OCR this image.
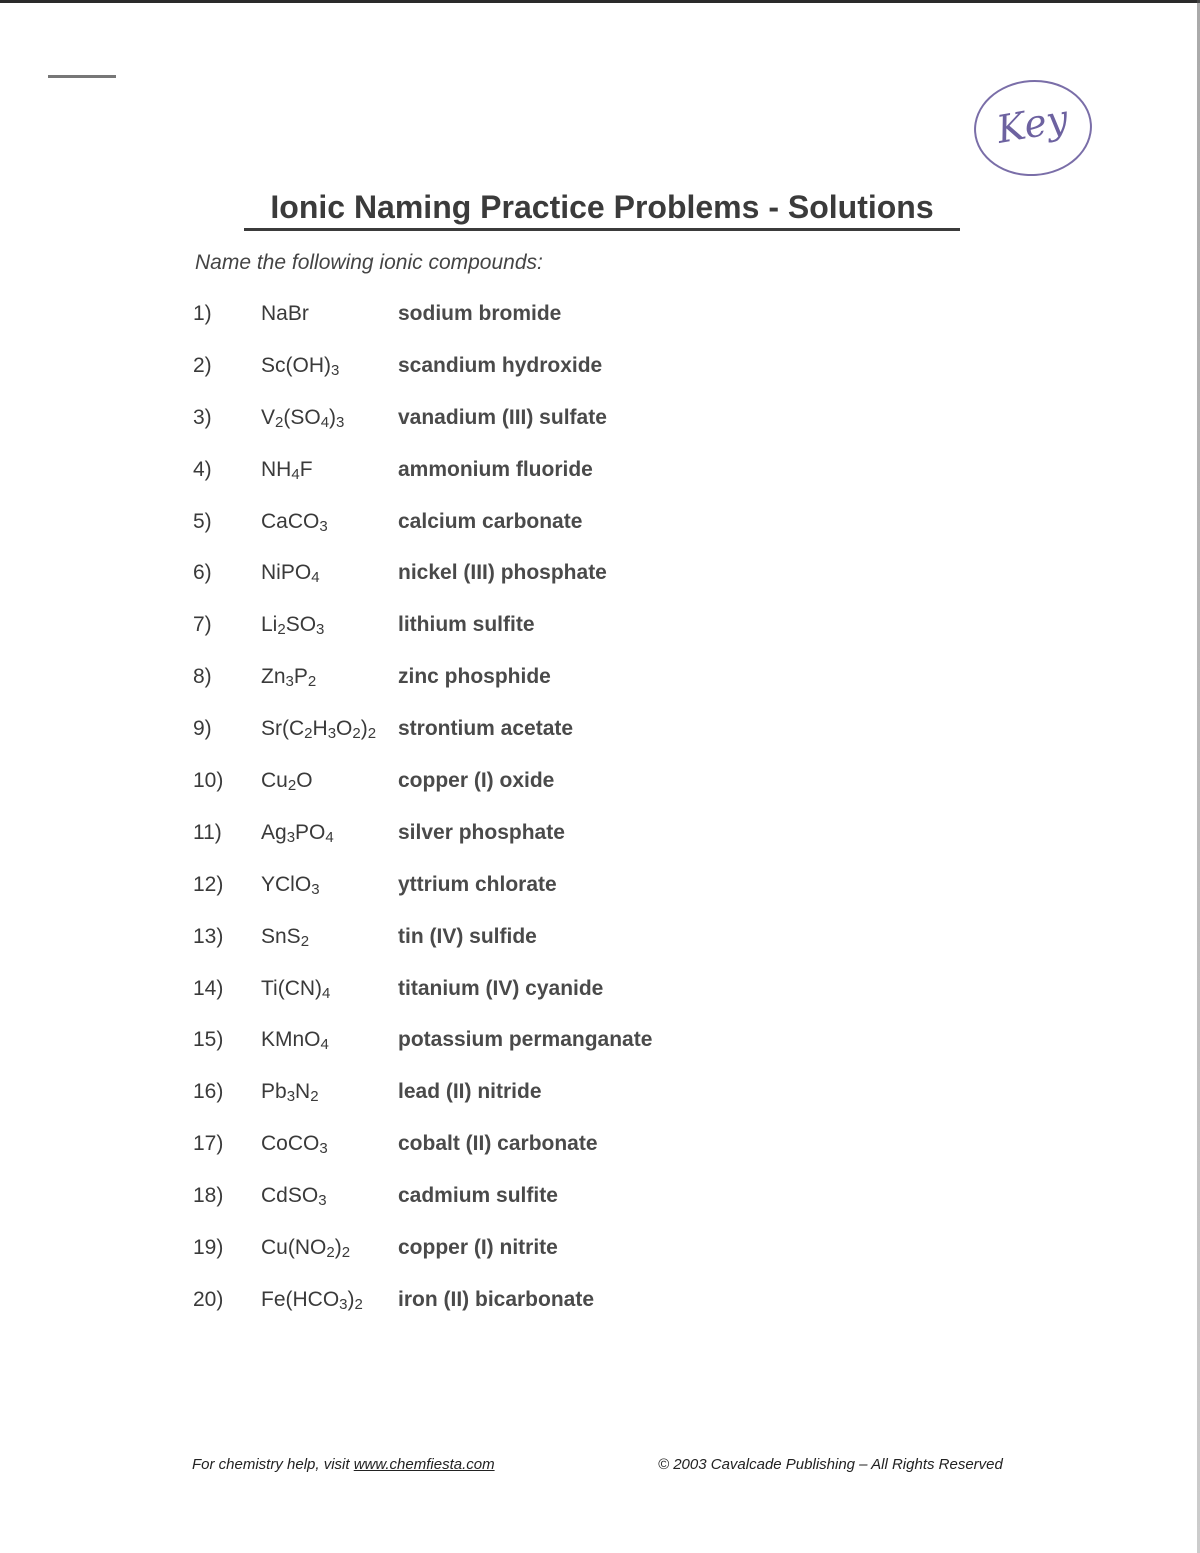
Key
Ionic Naming Practice Problems - Solutions
Name the following ionic compounds:
1) NaBr	sodium bromide
2) $Sc(OH)_3$	scandium hydroxide
3) $V_2(SO_4)_3$	vanadium (III) sulfate
4) $NH_4F$	ammonium fluoride
5) CaCO$_3$	calcium carbonate
6) NiPO$_4$	nickel (III) phosphate
7) $Li_2SO_3$	lithium sulfite
8) $Zn_3P_2$	zinc phosphide
9) $Sr(C_2H_3O_2)_2$ strontium acetate
10) $Cu_2O$	copper (I) oxide
11) $Ag_3PO_4$	silver phosphate
12) YClO$_3$	yttrium chlorate
13) SnS$_2$	tin (IV) sulfide
14) $Ti(CN)_4$	titanium (IV) cyanide
15) KMnO$_4$	potassium permanganate
16) $Pb_3N_2$	lead (II) nitride
17) CoCO$_3$	cobalt (II) carbonate
18) CdSO$_3$	cadmium sulfite
19) $Cu(NO_2)_2$ copper (I) nitrite
20) $Fe(HCO_3)_2$ iron (II) bicarbonate
For chemistry help, visit www.chemfiesta.com	© 2003 Cavalcade Publishing – All Rights Reserved
